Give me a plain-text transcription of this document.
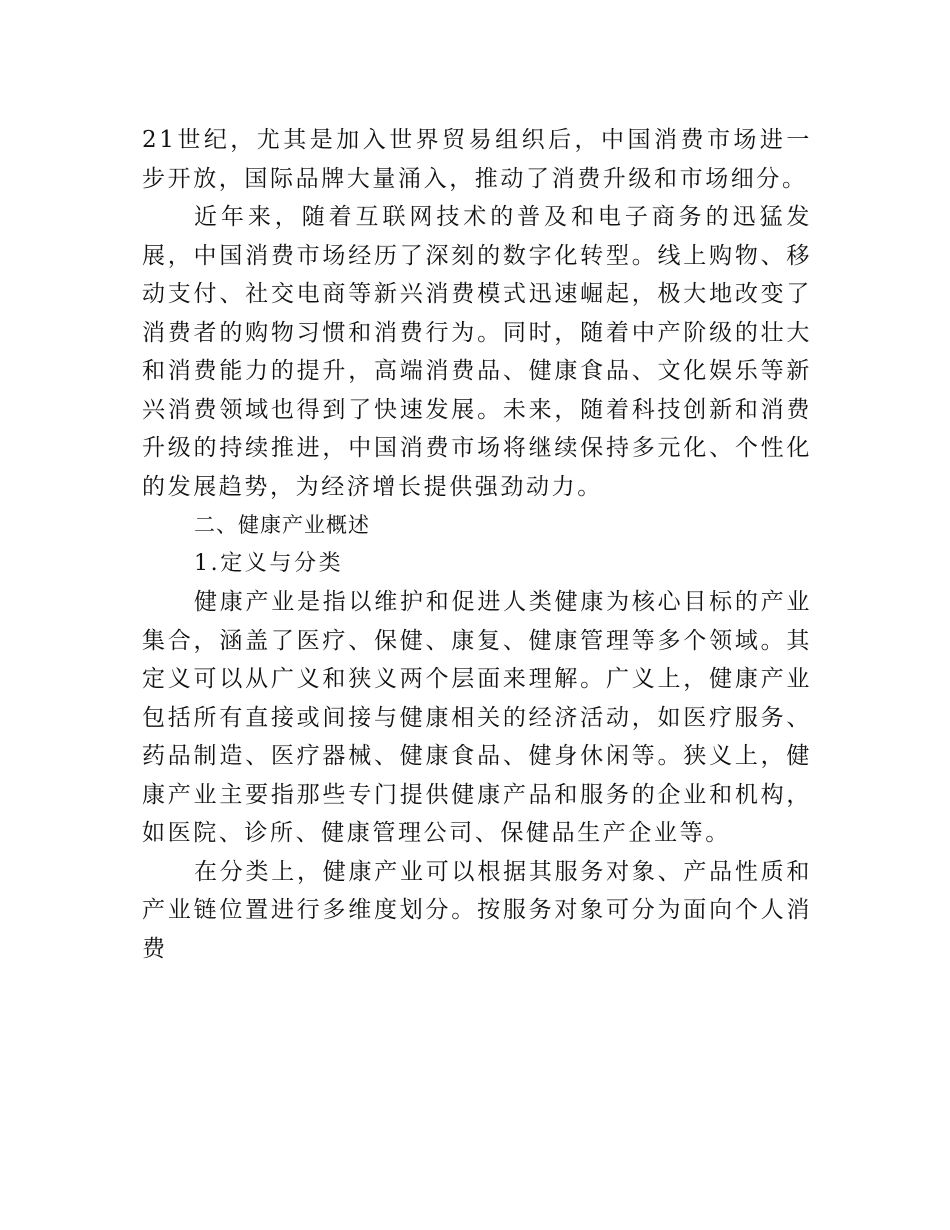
21世纪，尤其是加入世界贸易组织后，中国消费市场进一步开放，国际品牌大量涌入，推动了消费升级和市场细分。

近年来，随着互联网技术的普及和电子商务的迅猛发展，中国消费市场经历了深刻的数字化转型。线上购物、移动支付、社交电商等新兴消费模式迅速崛起，极大地改变了消费者的购物习惯和消费行为。同时，随着中产阶级的壮大和消费能力的提升，高端消费品、健康食品、文化娱乐等新兴消费领域也得到了快速发展。未来，随着科技创新和消费升级的持续推进，中国消费市场将继续保持多元化、个性化的发展趋势，为经济增长提供强劲动力。

二、健康产业概述

1.定义与分类

健康产业是指以维护和促进人类健康为核心目标的产业集合，涵盖了医疗、保健、康复、健康管理等多个领域。其定义可以从广义和狭义两个层面来理解。广义上，健康产业包括所有直接或间接与健康相关的经济活动，如医疗服务、药品制造、医疗器械、健康食品、健身休闲等。狭义上，健康产业主要指那些专门提供健康产品和服务的企业和机构，如医院、诊所、健康管理公司、保健品生产企业等。

在分类上，健康产业可以根据其服务对象、产品性质和产业链位置进行多维度划分。按服务对象可分为面向个人消费
